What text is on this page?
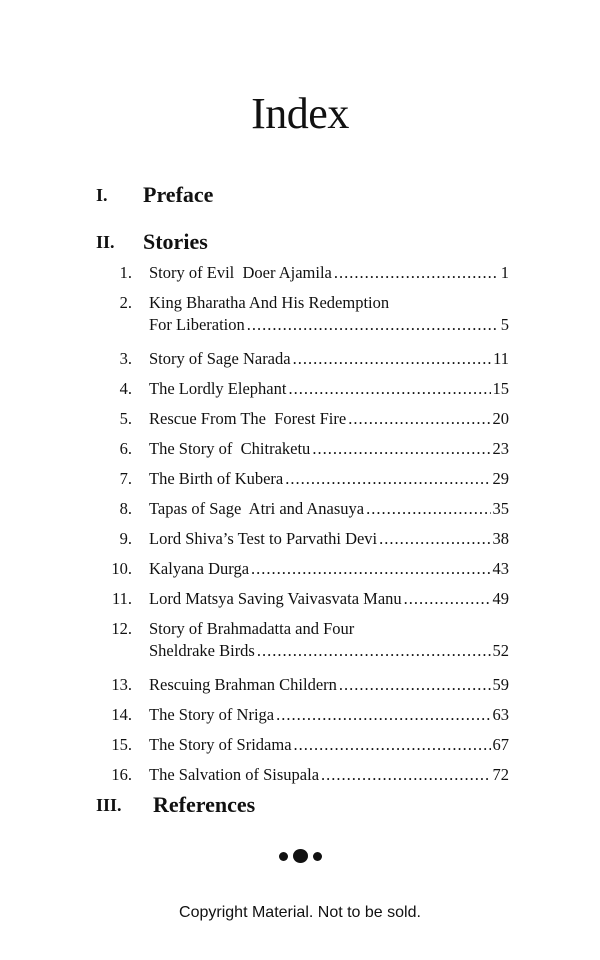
Index
I. Preface
II. Stories
1. Story of Evil  Doer Ajamila .....	1
2. King Bharatha And His Redemption
For Liberation .....	5
3. Story of Sage Narada .....	11
4. The Lordly Elephant .....	15
5. Rescue From The  Forest Fire .....	20
6. The Story of  Chitraketu .....	23
7. The Birth of Kubera .....	29
8. Tapas of Sage  Atri and Anasuya .....	35
9. Lord Shiva’s Test to Parvathi Devi .....	38
10. Kalyana Durga .....	43
11. Lord Matsya Saving Vaivasvata Manu .....	49
12. Story of Brahmadatta and Four
Sheldrake Birds .....	52
13. Rescuing Brahman Childern .....	59
14. The Story of Nriga .....	63
15. The Story of Sridama .....	67
16. The Salvation of Sisupala .....	72
III. References
Copyright Material. Not to be sold.
